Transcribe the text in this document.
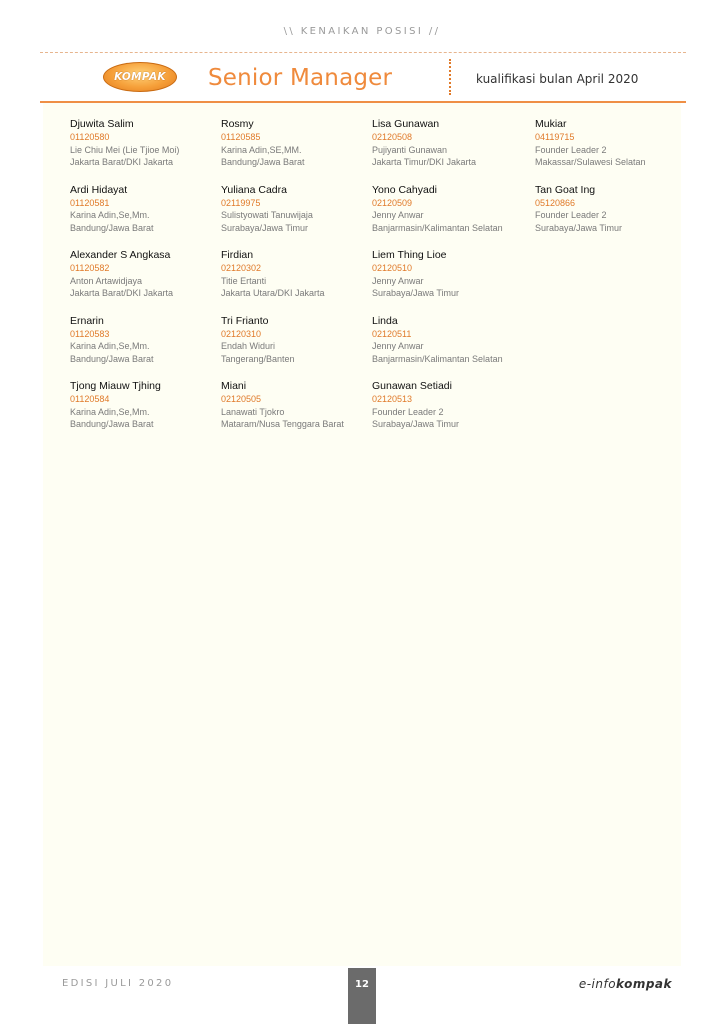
\\ KENAIKAN POSISI //
KOMPAK	Senior Manager	kualifikasi bulan April 2020
Djuwita Salim
01120580
Lie Chiu Mei (Lie Tjioe Moi)
Jakarta Barat/DKI Jakarta
Ardi Hidayat
01120581
Karina Adin,Se,Mm.
Bandung/Jawa Barat
Alexander S Angkasa
01120582
Anton Artawidjaya
Jakarta Barat/DKI Jakarta
Ernarin
01120583
Karina Adin,Se,Mm.
Bandung/Jawa Barat
Tjong Miauw Tjhing
01120584
Karina Adin,Se,Mm.
Bandung/Jawa Barat
Rosmy
01120585
Karina Adin,SE,MM.
Bandung/Jawa Barat
Yuliana Cadra
02119975
Sulistyowati Tanuwijaja
Surabaya/Jawa Timur
Firdian
02120302
Titie Ertanti
Jakarta Utara/DKI Jakarta
Tri Frianto
02120310
Endah Widuri
Tangerang/Banten
Miani
02120505
Lanawati Tjokro
Mataram/Nusa Tenggara Barat
Lisa Gunawan
02120508
Pujiyanti Gunawan
Jakarta Timur/DKI Jakarta
Yono Cahyadi
02120509
Jenny Anwar
Banjarmasin/Kalimantan Selatan
Liem Thing Lioe
02120510
Jenny Anwar
Surabaya/Jawa Timur
Linda
02120511
Jenny Anwar
Banjarmasin/Kalimantan Selatan
Gunawan Setiadi
02120513
Founder Leader 2
Surabaya/Jawa Timur
Mukiar
04119715
Founder Leader 2
Makassar/Sulawesi Selatan
Tan Goat Ing
05120866
Founder Leader 2
Surabaya/Jawa Timur
EDISI JULI 2020	12	e-infokompak
